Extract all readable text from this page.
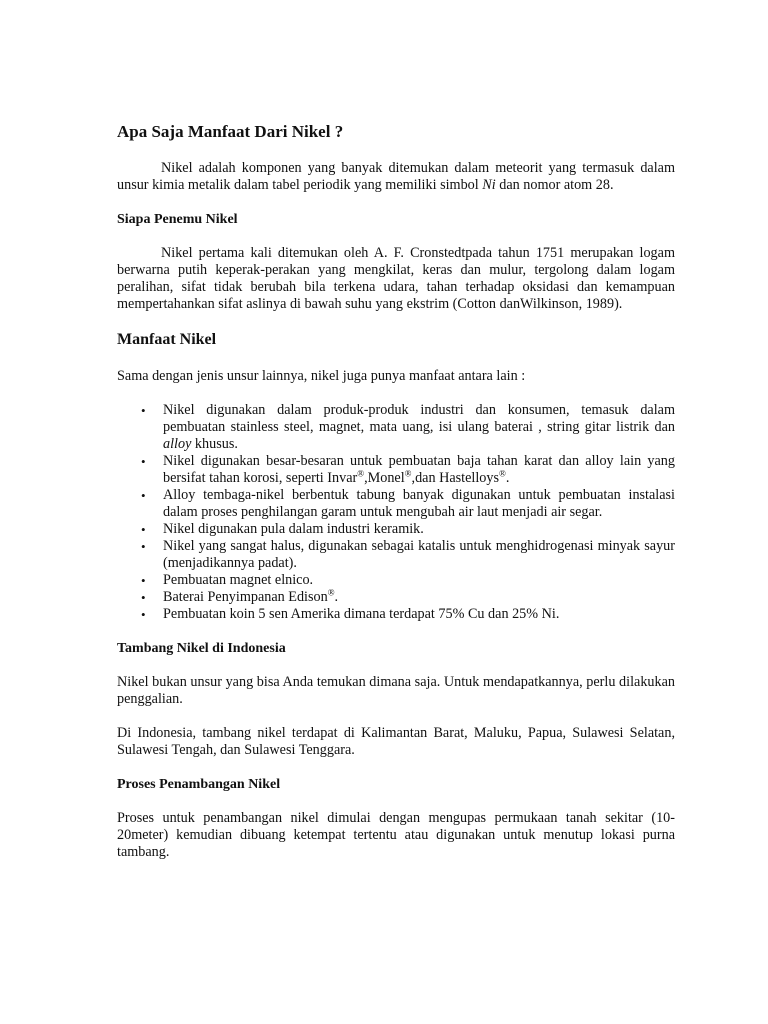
Apa Saja Manfaat Dari Nikel ?

Nikel adalah komponen yang banyak ditemukan dalam meteorit yang termasuk dalam unsur kimia metalik dalam tabel periodik yang memiliki simbol Ni dan nomor atom 28.

Siapa Penemu Nikel

Nikel pertama kali ditemukan oleh A. F. Cronstedtpada tahun 1751 merupakan logam berwarna putih keperak-perakan yang mengkilat, keras dan mulur, tergolong dalam logam peralihan, sifat tidak berubah bila terkena udara, tahan terhadap oksidasi dan kemampuan mempertahankan sifat aslinya di bawah suhu yang ekstrim (Cotton danWilkinson, 1989).

Manfaat Nikel

Sama dengan jenis unsur lainnya, nikel juga punya manfaat antara lain :

• Nikel digunakan dalam produk-produk industri dan konsumen, temasuk dalam pembuatan stainless steel, magnet, mata uang, isi ulang baterai , string gitar listrik dan alloy khusus.
• Nikel digunakan besar-besaran untuk pembuatan baja tahan karat dan alloy lain yang bersifat tahan korosi, seperti Invar®,Monel®,dan Hastelloys®.
• Alloy tembaga-nikel berbentuk tabung banyak digunakan untuk pembuatan instalasi dalam proses penghilangan garam untuk mengubah air laut menjadi air segar.
• Nikel digunakan pula dalam industri keramik.
• Nikel yang sangat halus, digunakan sebagai katalis untuk menghidrogenasi minyak sayur (menjadikannya padat).
• Pembuatan magnet elnico.
• Baterai Penyimpanan Edison®.
• Pembuatan koin 5 sen Amerika dimana terdapat 75% Cu dan 25% Ni.
Tambang Nikel di Indonesia

Nikel bukan unsur yang bisa Anda temukan dimana saja. Untuk mendapatkannya, perlu dilakukan penggalian.

Di Indonesia, tambang nikel terdapat di Kalimantan Barat, Maluku, Papua, Sulawesi Selatan, Sulawesi Tengah, dan Sulawesi Tenggara.

Proses Penambangan Nikel

Proses untuk penambangan nikel dimulai dengan mengupas permukaan tanah sekitar (10-20meter) kemudian dibuang ketempat tertentu atau digunakan untuk menutup lokasi purna tambang.
